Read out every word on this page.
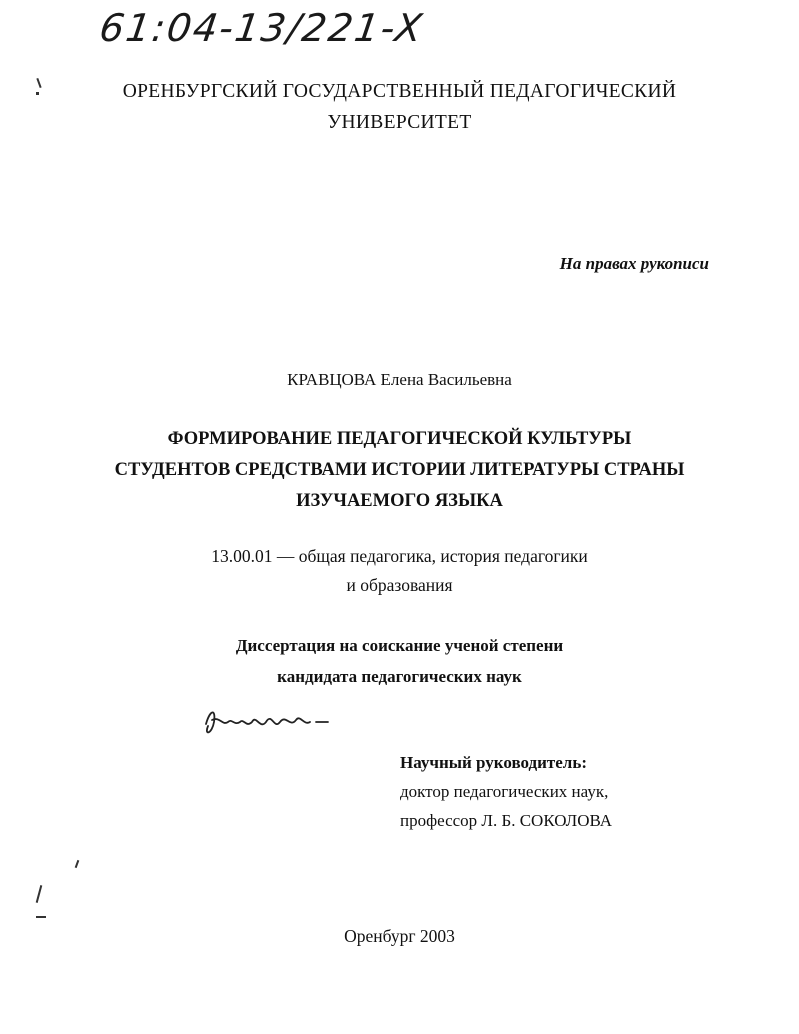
61:04-13/221-X
ОРЕНБУРГСКИЙ ГОСУДАРСТВЕННЫЙ ПЕДАГОГИЧЕСКИЙ
УНИВЕРСИТЕТ
На правах рукописи
КРАВЦОВА Елена Васильевна
ФОРМИРОВАНИЕ ПЕДАГОГИЧЕСКОЙ КУЛЬТУРЫ
СТУДЕНТОВ СРЕДСТВАМИ ИСТОРИИ ЛИТЕРАТУРЫ СТРАНЫ
ИЗУЧАЕМОГО ЯЗЫКА
13.00.01 — общая педагогика, история педагогики
и образования
Диссертация на соискание ученой степени
кандидата педагогических наук
Научный руководитель:
доктор педагогических наук,
профессор Л. Б. СОКОЛОВА
Оренбург 2003
